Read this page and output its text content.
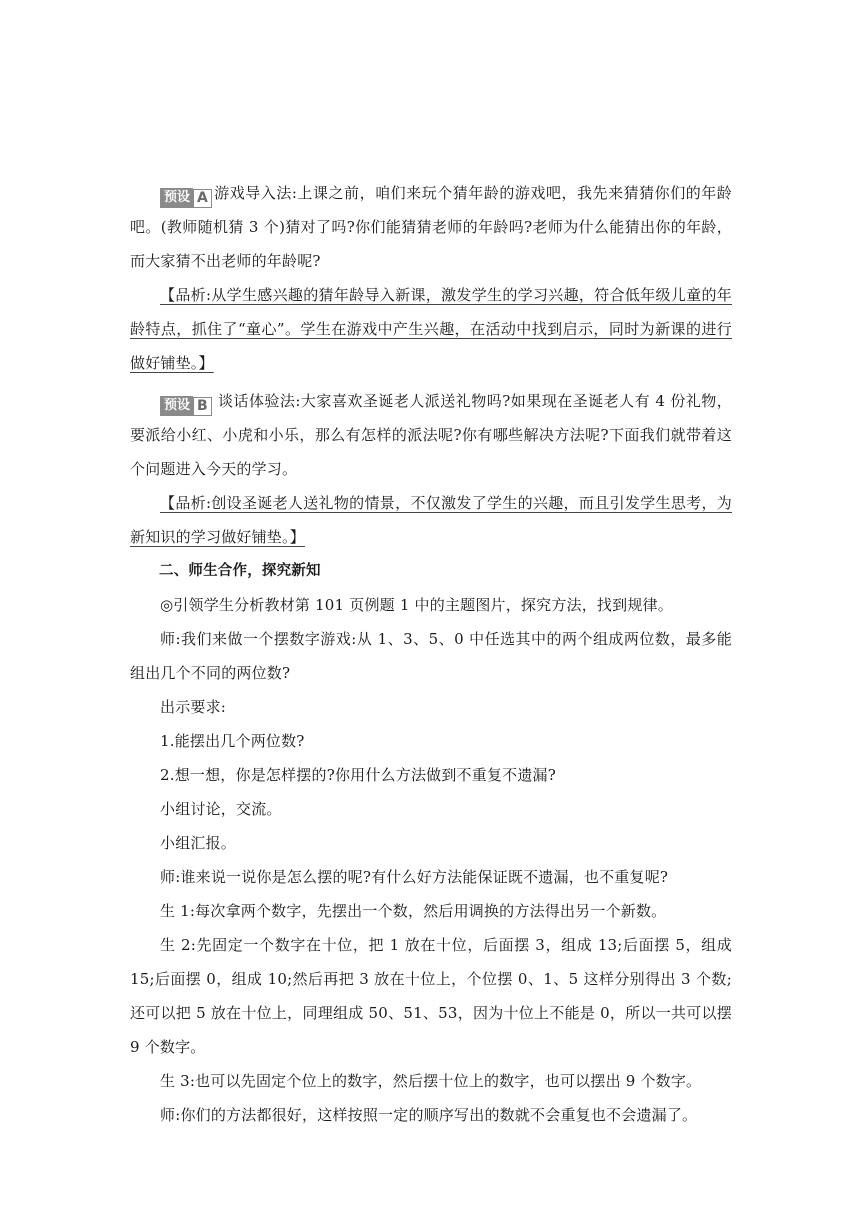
预设 A 游戏导入法:上课之前，咱们来玩个猜年龄的游戏吧，我先来猜猜你们的年龄吧。(教师随机猜 3 个)猜对了吗?你们能猜猜老师的年龄吗?老师为什么能猜出你的年龄，而大家猜不出老师的年龄呢?

【品析:从学生感兴趣的猜年龄导入新课，激发学生的学习兴趣，符合低年级儿童的年龄特点，抓住了“童心”。学生在游戏中产生兴趣，在活动中找到启示，同时为新课的进行做好铺垫。】

预设 B 谈话体验法:大家喜欢圣诞老人派送礼物吗?如果现在圣诞老人有 4 份礼物，要派给小红、小虎和小乐，那么有怎样的派法呢?你有哪些解决方法呢?下面我们就带着这个问题进入今天的学习。

【品析:创设圣诞老人送礼物的情景，不仅激发了学生的兴趣，而且引发学生思考，为新知识的学习做好铺垫。】

二、师生合作，探究新知

◎引领学生分析教材第 101 页例题 1 中的主题图片，探究方法，找到规律。

师:我们来做一个摆数字游戏:从 1、3、5、0 中任选其中的两个组成两位数，最多能组出几个不同的两位数?

出示要求:

1.能摆出几个两位数?

2.想一想，你是怎样摆的?你用什么方法做到不重复不遗漏?

小组讨论，交流。

小组汇报。

师:谁来说一说你是怎么摆的呢?有什么好方法能保证既不遗漏，也不重复呢?

生 1:每次拿两个数字，先摆出一个数，然后用调换的方法得出另一个新数。

生 2:先固定一个数字在十位，把 1 放在十位，后面摆 3，组成 13;后面摆 5，组成 15;后面摆 0，组成 10;然后再把 3 放在十位上，个位摆 0、1、5 这样分别得出 3 个数;还可以把 5 放在十位上，同理组成 50、51、53，因为十位上不能是 0，所以一共可以摆 9 个数字。

生 3:也可以先固定个位上的数字，然后摆十位上的数字，也可以摆出 9 个数字。

师:你们的方法都很好，这样按照一定的顺序写出的数就不会重复也不会遗漏了。
